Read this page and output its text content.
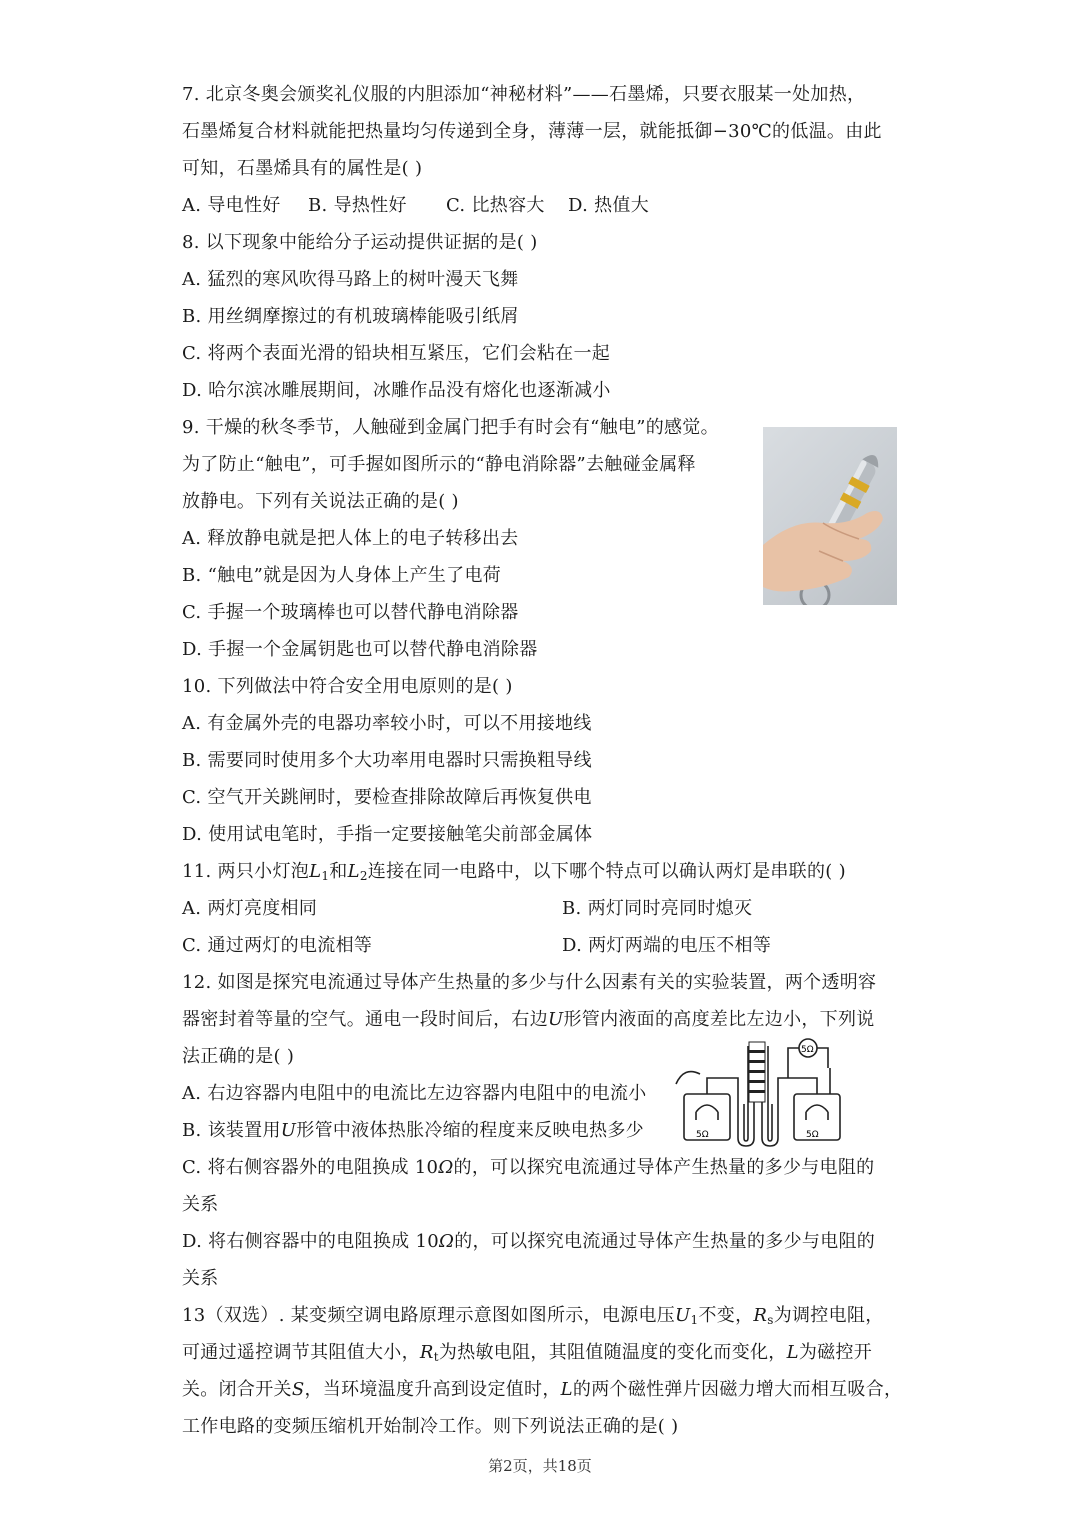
7. 北京冬奥会颁奖礼仪服的内胆添加“神秘材料”——石墨烯，只要衣服某一处加热，
石墨烯复合材料就能把热量均匀传递到全身，薄薄一层，就能抵御−30℃的低温。由此
可知，石墨烯具有的属性是( )
A. 导电性好 B. 导热性好 C. 比热容大 D. 热值大
8. 以下现象中能给分子运动提供证据的是( )
A. 猛烈的寒风吹得马路上的树叶漫天飞舞
B. 用丝绸摩擦过的有机玻璃棒能吸引纸屑
C. 将两个表面光滑的铅块相互紧压，它们会粘在一起
D. 哈尔滨冰雕展期间，冰雕作品没有熔化也逐渐减小
9. 干燥的秋冬季节，人触碰到金属门把手有时会有“触电”的感觉。
为了防止“触电”，可手握如图所示的“静电消除器”去触碰金属释
放静电。下列有关说法正确的是( )
A. 释放静电就是把人体上的电子转移出去
B. “触电”就是因为人身体上产生了电荷
C. 手握一个玻璃棒也可以替代静电消除器
D. 手握一个金属钥匙也可以替代静电消除器
10. 下列做法中符合安全用电原则的是( )
A. 有金属外壳的电器功率较小时，可以不用接地线
B. 需要同时使用多个大功率用电器时只需换粗导线
C. 空气开关跳闸时，要检查排除故障后再恢复供电
D. 使用试电笔时，手指一定要接触笔尖前部金属体
11. 两只小灯泡$L_1$和$L_2$连接在同一电路中，以下哪个特点可以确认两灯是串联的( )
A. 两灯亮度相同	B. 两灯同时亮同时熄灭
C. 通过两灯的电流相等	D. 两灯两端的电压不相等
12. 如图是探究电流通过导体产生热量的多少与什么因素有关的实验装置，两个透明容
器密封着等量的空气。通电一段时间后，右边U形管内液面的高度差比左边小，下列说
法正确的是( )
A. 右边容器内电阻中的电流比左边容器内电阻中的电流小
B. 该装置用U形管中液体热胀冷缩的程度来反映电热多少
C. 将右侧容器外的电阻换成 10Ω的，可以探究电流通过导体产生热量的多少与电阻的
关系
D. 将右侧容器中的电阻换成 10Ω的，可以探究电流通过导体产生热量的多少与电阻的
关系
5Ω	5Ω
5Ω
13（双选）. 某变频空调电路原理示意图如图所示，电源电压$U_1$不变，$R_s$为调控电阻，
可通过遥控调节其阻值大小，$R_t$为热敏电阻，其阻值随温度的变化而变化，L为磁控开
关。闭合开关S，当环境温度升高到设定值时，L的两个磁性弹片因磁力增大而相互吸合，
工作电路的变频压缩机开始制冷工作。则下列说法正确的是( )
第2页，共18页
